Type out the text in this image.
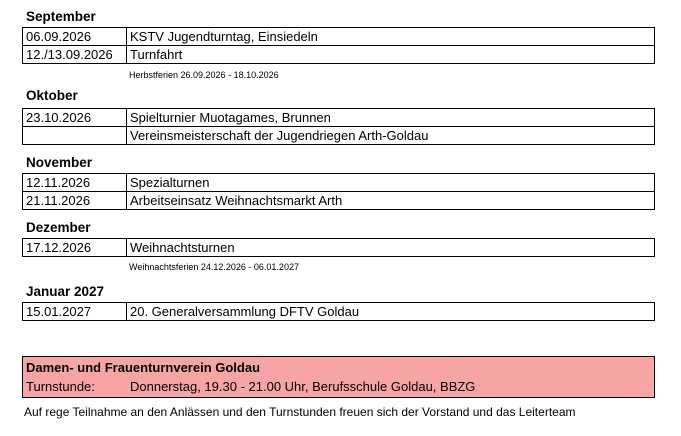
September
06.09.2026	KSTV Jugendturntag, Einsiedeln
12./13.09.2026	Turnfahrt
Herbstferien 26.09.2026 - 18.10.2026
Oktober
23.10.2026	Spielturnier Muotagames, Brunnen
	Vereinsmeisterschaft der Jugendriegen Arth-Goldau
November
12.11.2026	Spezialturnen
21.11.2026	Arbeitseinsatz Weihnachtsmarkt Arth
Dezember
17.12.2026	Weihnachtsturnen
Weihnachtsferien 24.12.2026 - 06.01.2027
Januar 2027
15.01.2027	20. Generalversammlung DFTV Goldau
Damen- und Frauenturnverein Goldau
Turnstunde:	Donnerstag, 19.30 - 21.00 Uhr, Berufsschule Goldau, BBZG
Auf rege Teilnahme an den Anlässen und den Turnstunden freuen sich der Vorstand und das Leiterteam
